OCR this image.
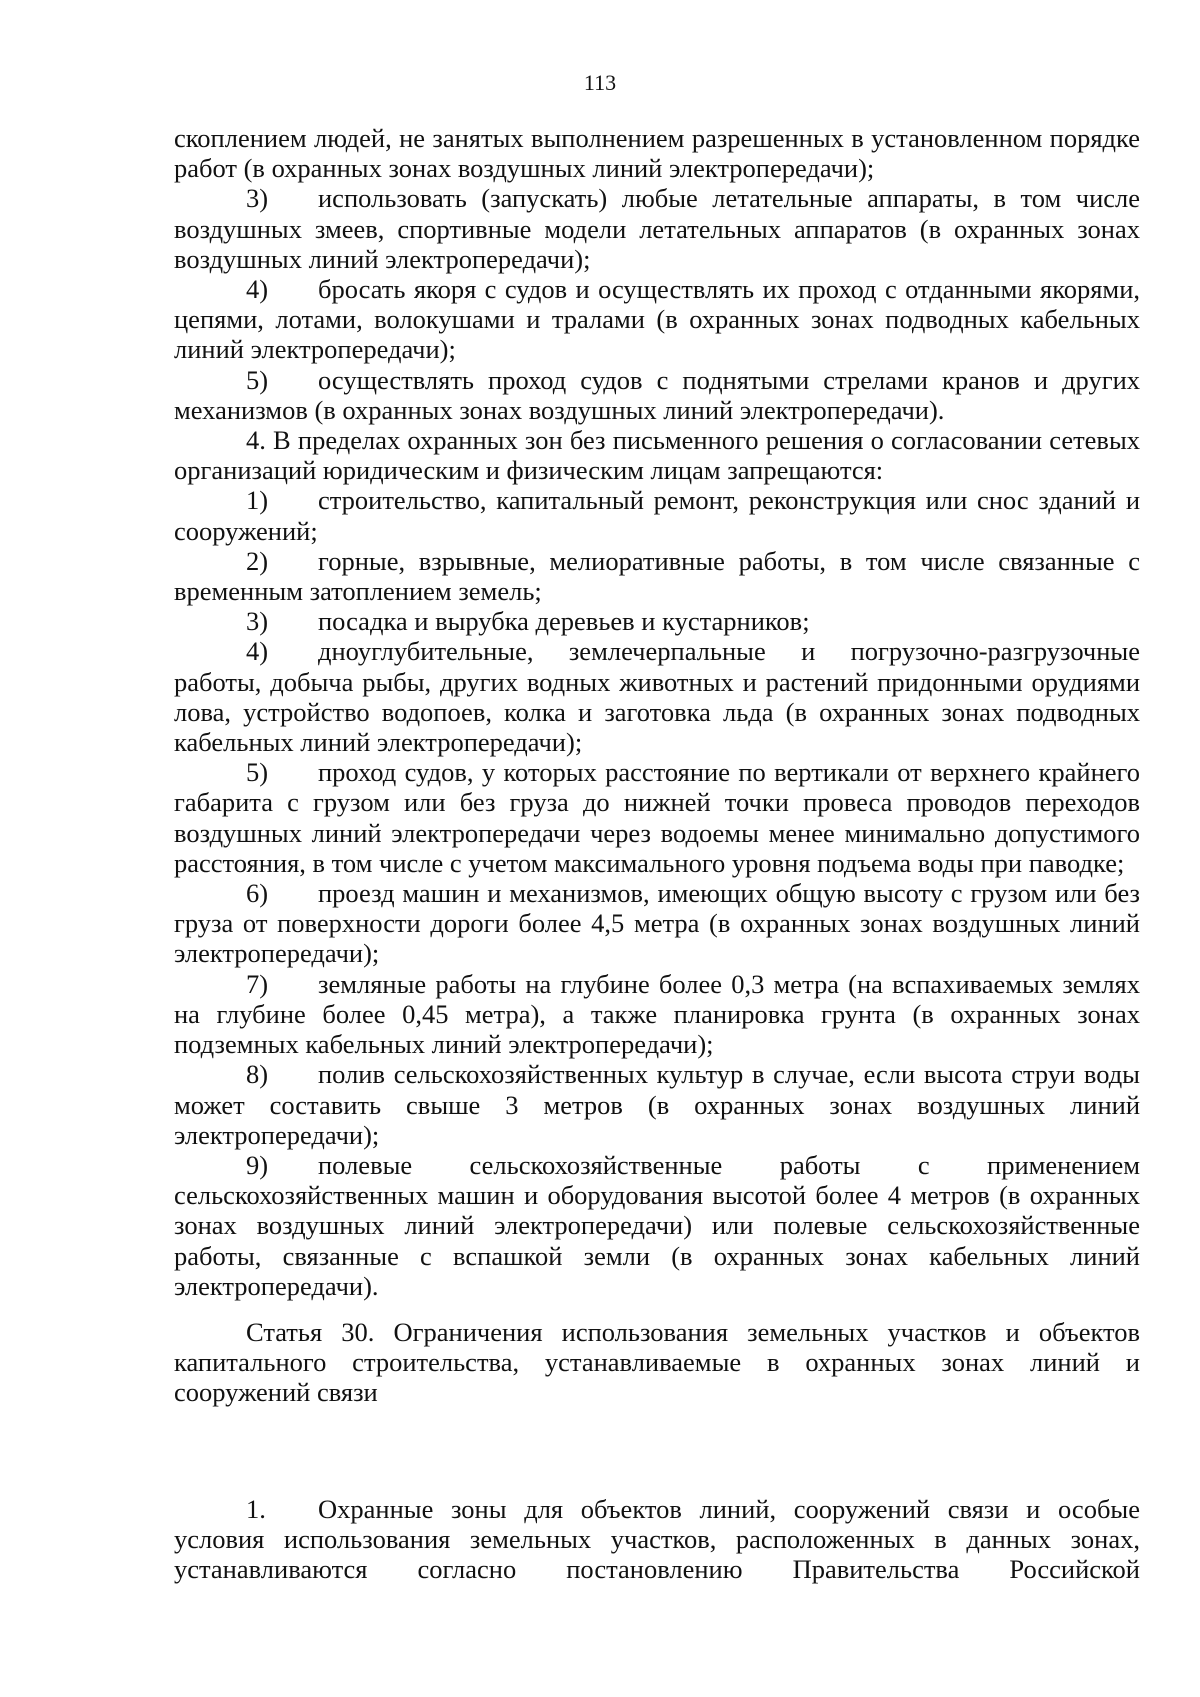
113

скоплением людей, не занятых выполнением разрешенных в установленном порядке работ (в охранных зонах воздушных линий электропередачи);

3) использовать (запускать) любые летательные аппараты, в том числе воздушных змеев, спортивные модели летательных аппаратов (в охранных зонах воздушных линий электропередачи);

4) бросать якоря с судов и осуществлять их проход с отданными якорями, цепями, лотами, волокушами и тралами (в охранных зонах подводных кабельных линий электропередачи);

5) осуществлять проход судов с поднятыми стрелами кранов и других механизмов (в охранных зонах воздушных линий электропередачи).

4. В пределах охранных зон без письменного решения о согласовании сетевых организаций юридическим и физическим лицам запрещаются:

1) строительство, капитальный ремонт, реконструкция или снос зданий и сооружений;

2) горные, взрывные, мелиоративные работы, в том числе связанные с временным затоплением земель;

3) посадка и вырубка деревьев и кустарников;

4) дноуглубительные, землечерпальные и погрузочно-разгрузочные работы, добыча рыбы, других водных животных и растений придонными орудиями лова, устройство водопоев, колка и заготовка льда (в охранных зонах подводных кабельных линий электропередачи);

5) проход судов, у которых расстояние по вертикали от верхнего крайнего габарита с грузом или без груза до нижней точки провеса проводов переходов воздушных линий электропередачи через водоемы менее минимально допустимого расстояния, в том числе с учетом максимального уровня подъема воды при паводке;

6) проезд машин и механизмов, имеющих общую высоту с грузом или без груза от поверхности дороги более 4,5 метра (в охранных зонах воздушных линий электропередачи);

7) земляные работы на глубине более 0,3 метра (на вспахиваемых землях на глубине более 0,45 метра), а также планировка грунта (в охранных зонах подземных кабельных линий электропередачи);

8) полив сельскохозяйственных культур в случае, если высота струи воды может составить свыше 3 метров (в охранных зонах воздушных линий электропередачи);

9) полевые сельскохозяйственные работы с применением сельскохозяйственных машин и оборудования высотой более 4 метров (в охранных зонах воздушных линий электропередачи) или полевые сельскохозяйственные работы, связанные с вспашкой земли (в охранных зонах кабельных линий электропередачи).

Статья 30. Ограничения использования земельных участков и объектов капитального строительства, устанавливаемые в охранных зонах линий и сооружений связи

1. Охранные зоны для объектов линий, сооружений связи и особые условия использования земельных участков, расположенных в данных зонах, устанавливаются согласно постановлению Правительства Российской
